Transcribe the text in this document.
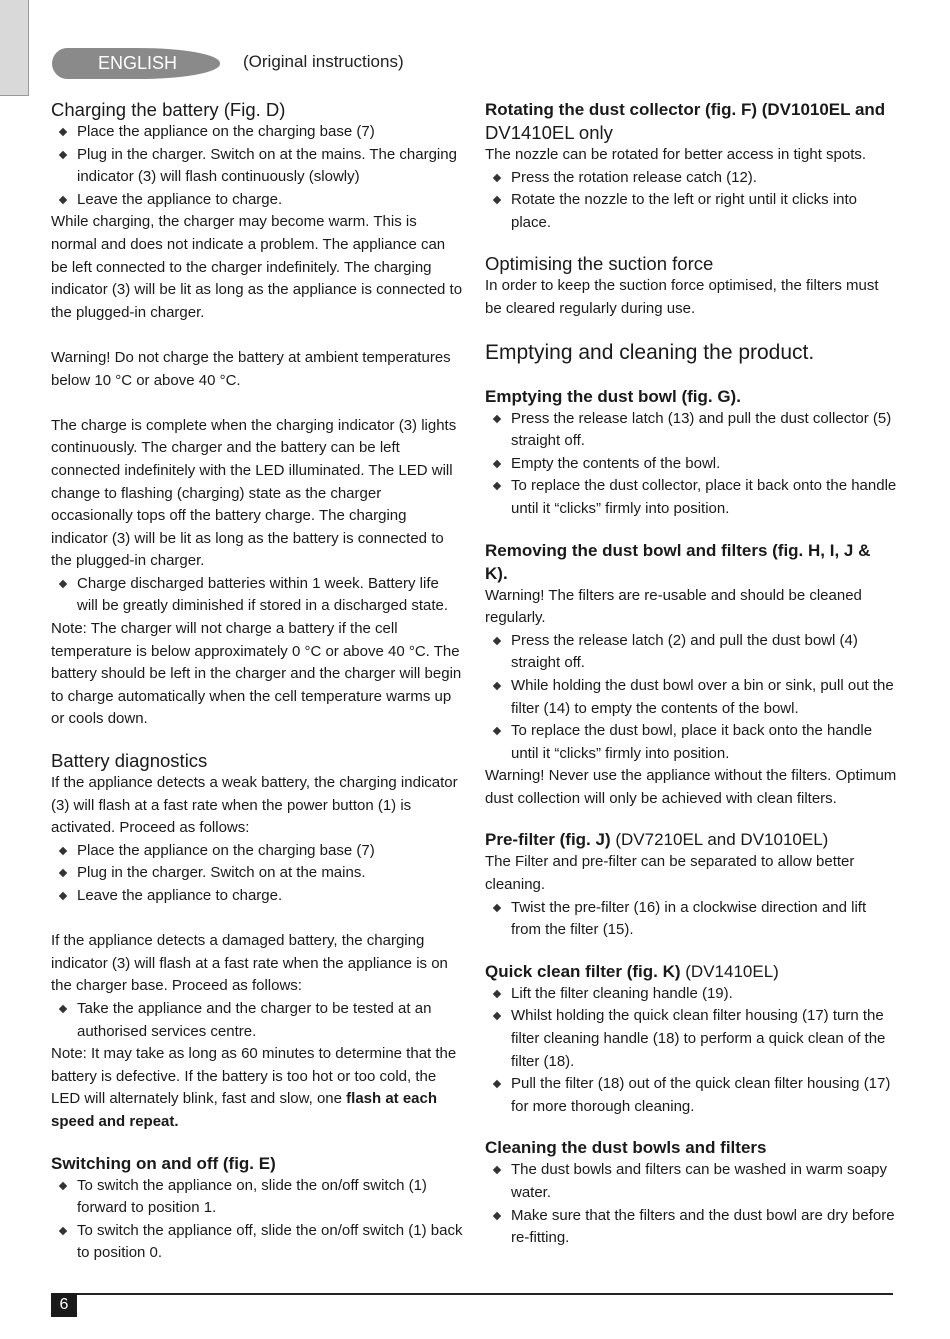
ENGLISH	(Original instructions)
Charging the battery (Fig. D)
Place the appliance on the charging base (7)
Plug in the charger. Switch on at the mains. The charging indicator (3) will flash continuously (slowly)
Leave the appliance to charge.

While charging, the charger may become warm. This is normal and does not indicate a problem. The appliance can be left connected to the charger indefinitely. The charging indicator (3) will be lit as long as the appliance is connected to the plugged-in charger.

Warning! Do not charge the battery at ambient temperatures below 10 °C or above 40 °C.

The charge is complete when the charging indicator (3) lights continuously. The charger and the battery can be left connected indefinitely with the LED illuminated. The LED will change to flashing (charging) state as the charger occasionally tops off the battery charge. The charging indicator (3) will be lit as long as the battery is connected to the plugged-in charger.

Charge discharged batteries within 1 week. Battery life will be greatly diminished if stored in a discharged state.

Note: The charger will not charge a battery if the cell temperature is below approximately 0 °C or above 40 °C. The battery should be left in the charger and the charger will begin to charge automatically when the cell temperature warms up or cools down.

Battery diagnostics

If the appliance detects a weak battery, the charging indicator (3) will flash at a fast rate when the power button (1) is activated. Proceed as follows:

Place the appliance on the charging base (7)
Plug in the charger. Switch on at the mains.
Leave the appliance to charge.

If the appliance detects a damaged battery, the charging indicator (3) will flash at a fast rate when the appliance is on the charger base. Proceed as follows:

Take the appliance and the charger to be tested at an authorised services centre.

Note: It may take as long as 60 minutes to determine that the battery is defective. If the battery is too hot or too cold, the LED will alternately blink, fast and slow, one flash at each speed and repeat.

Switching on and off (fig. E)
To switch the appliance on, slide the on/off switch (1) forward to position 1.
To switch the appliance off, slide the on/off switch (1) back to position 0.
Rotating the dust collector (fig. F) (DV1010EL and
DV1410EL only

The nozzle can be rotated for better access in tight spots.

Press the rotation release catch (12).
Rotate the nozzle to the left or right until it clicks into place.
Optimising the suction force

In order to keep the suction force optimised, the filters must be cleared regularly during use.

Emptying and cleaning the product.
Emptying the dust bowl (fig. G).
Press the release latch (13) and pull the dust collector (5) straight off.
Empty the contents of the bowl.
To replace the dust collector, place it back onto the handle until it “clicks” firmly into position.
Removing the dust bowl and filters (fig. H, I, J & K).

Warning! The filters are re-usable and should be cleaned regularly.

Press the release latch (2) and pull the dust bowl (4) straight off.
While holding the dust bowl over a bin or sink, pull out the filter (14) to empty the contents of the bowl.
To replace the dust bowl, place it back onto the handle until it “clicks” firmly into position.

Warning! Never use the appliance without the filters. Optimum dust collection will only be achieved with clean filters.

Pre-filter (fig. J) (DV7210EL and DV1010EL)

The Filter and pre-filter can be separated to allow better cleaning.

Twist the pre-filter (16) in a clockwise direction and lift from the filter (15).
Quick clean filter (fig. K) (DV1410EL)
Lift the filter cleaning handle (19).
Whilst holding the quick clean filter housing (17) turn the filter cleaning handle (18) to perform a quick clean of the filter (18).
Pull the filter (18) out of the quick clean filter housing (17) for more thorough cleaning.
Cleaning the dust bowls and filters
The dust bowls and filters can be washed in warm soapy water.
Make sure that the filters and the dust bowl are dry before re-fitting.
6
